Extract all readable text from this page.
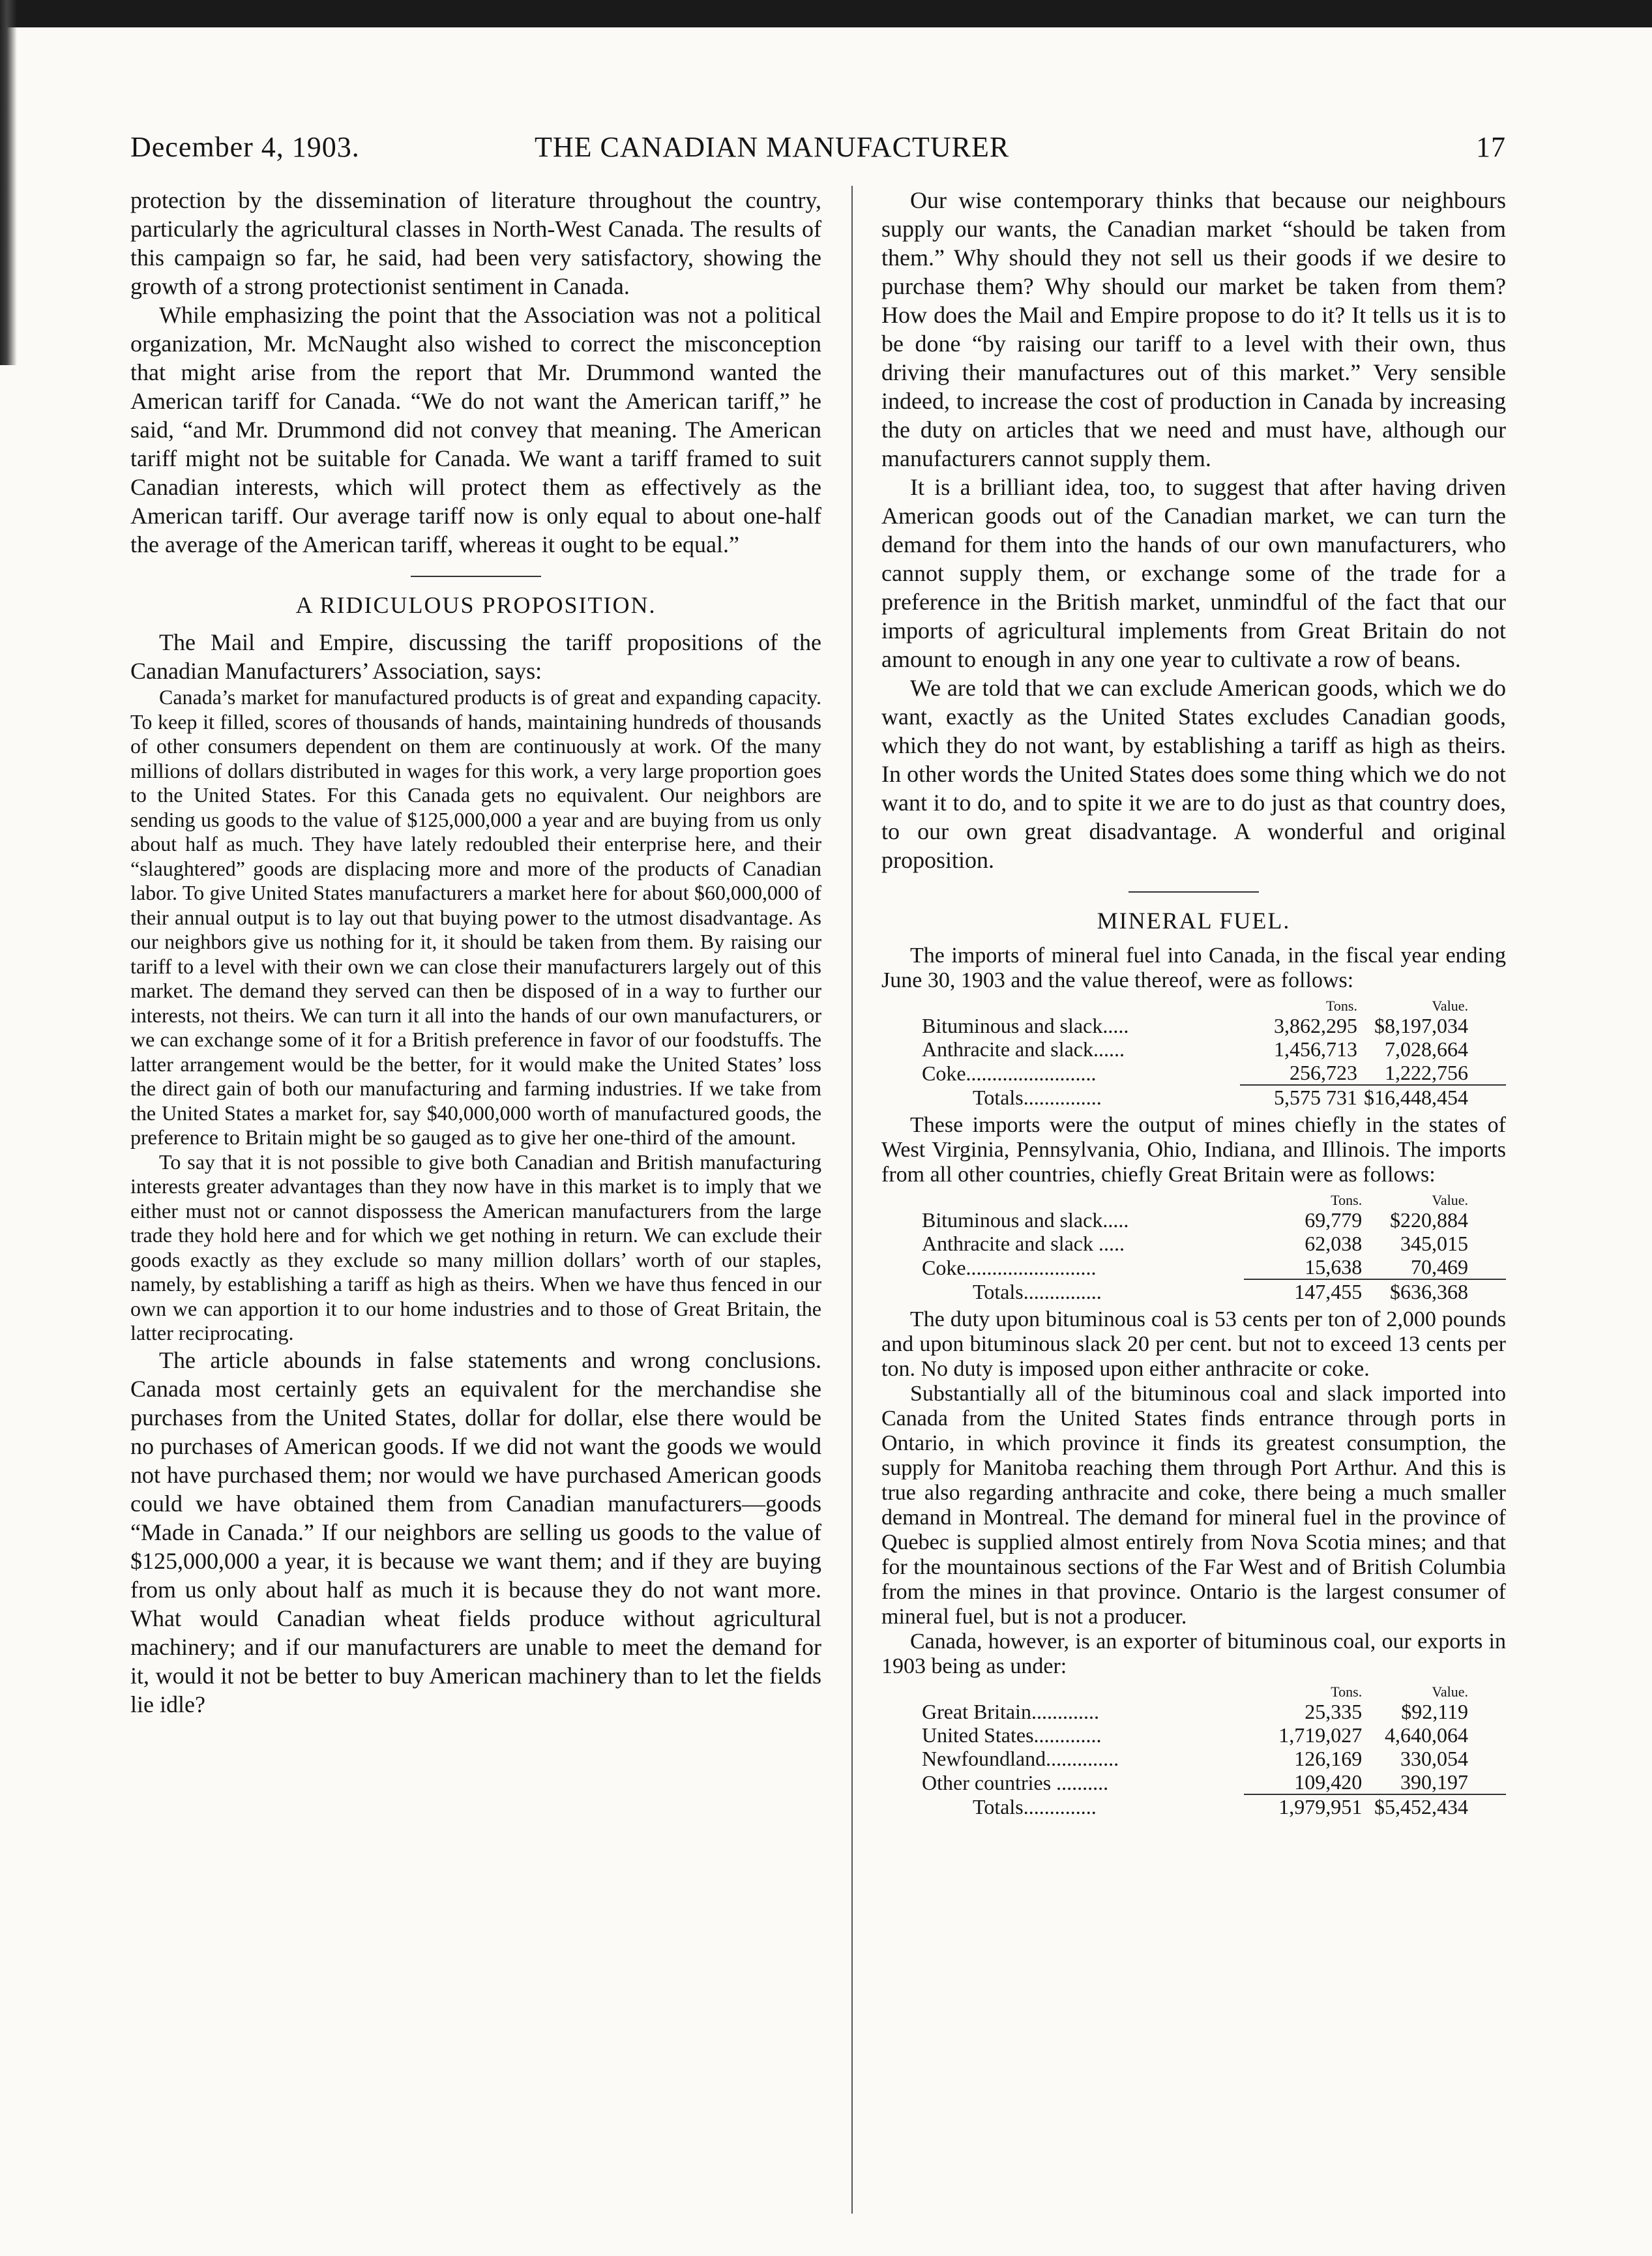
December 4, 1903.	THE CANADIAN MANUFACTURER	17

protection by the dissemination of literature throughout the country, particularly the agricultural classes in North-West Canada. The results of this campaign so far, he said, had been very satisfactory, showing the growth of a strong protectionist sentiment in Canada.

While emphasizing the point that the Association was not a political organization, Mr. McNaught also wished to correct the misconception that might arise from the report that Mr. Drummond wanted the American tariff for Canada. “We do not want the American tariff,” he said, “and Mr. Drummond did not convey that meaning. The American tariff might not be suitable for Canada. We want a tariff framed to suit Canadian interests, which will protect them as effectively as the American tariff. Our average tariff now is only equal to about one-half the average of the American tariff, whereas it ought to be equal.”

A RIDICULOUS PROPOSITION.

The Mail and Empire, discussing the tariff propositions of the Canadian Manufacturers’ Association, says:

Canada’s market for manufactured products is of great and expanding capacity. To keep it filled, scores of thousands of hands, maintaining hundreds of thousands of other consumers dependent on them are continuously at work. Of the many millions of dollars distributed in wages for this work, a very large proportion goes to the United States. For this Canada gets no equivalent. Our neighbors are sending us goods to the value of $125,000,000 a year and are buying from us only about half as much. They have lately redoubled their enterprise here, and their “slaughtered” goods are displacing more and more of the products of Canadian labor. To give United States manufacturers a market here for about $60,000,000 of their annual output is to lay out that buying power to the utmost disadvantage. As our neighbors give us nothing for it, it should be taken from them. By raising our tariff to a level with their own we can close their manufacturers largely out of this market. The demand they served can then be disposed of in a way to further our interests, not theirs. We can turn it all into the hands of our own manufacturers, or we can exchange some of it for a British preference in favor of our foodstuffs. The latter arrangement would be the better, for it would make the United States’ loss the direct gain of both our manufacturing and farming industries. If we take from the United States a market for, say $40,000,000 worth of manufactured goods, the preference to Britain might be so gauged as to give her one-third of the amount.

To say that it is not possible to give both Canadian and British manufacturing interests greater advantages than they now have in this market is to imply that we either must not or cannot dispossess the American manufacturers from the large trade they hold here and for which we get nothing in return. We can exclude their goods exactly as they exclude so many million dollars’ worth of our staples, namely, by establishing a tariff as high as theirs. When we have thus fenced in our own we can apportion it to our home industries and to those of Great Britain, the latter reciprocating.

The article abounds in false statements and wrong conclusions. Canada most certainly gets an equivalent for the merchandise she purchases from the United States, dollar for dollar, else there would be no purchases of American goods. If we did not want the goods we would not have purchased them; nor would we have purchased American goods could we have obtained them from Canadian manufacturers—goods “Made in Canada.” If our neighbors are selling us goods to the value of $125,000,000 a year, it is because we want them; and if they are buying from us only about half as much it is because they do not want more. What would Canadian wheat fields produce without agricultural machinery; and if our manufacturers are unable to meet the demand for it, would it not be better to buy American machinery than to let the fields lie idle?

Our wise contemporary thinks that because our neighbours supply our wants, the Canadian market “should be taken from them.” Why should they not sell us their goods if we desire to purchase them? Why should our market be taken from them? How does the Mail and Empire propose to do it? It tells us it is to be done “by raising our tariff to a level with their own, thus driving their manufactures out of this market.” Very sensible indeed, to increase the cost of production in Canada by increasing the duty on articles that we need and must have, although our manufacturers cannot supply them.

It is a brilliant idea, too, to suggest that after having driven American goods out of the Canadian market, we can turn the demand for them into the hands of our own manufacturers, who cannot supply them, or exchange some of the trade for a preference in the British market, unmindful of the fact that our imports of agricultural implements from Great Britain do not amount to enough in any one year to cultivate a row of beans.

We are told that we can exclude American goods, which we do want, exactly as the United States excludes Canadian goods, which they do not want, by establishing a tariff as high as theirs. In other words the United States does some thing which we do not want it to do, and to spite it we are to do just as that country does, to our own great disadvantage. A wonderful and original proposition.

MINERAL FUEL.

The imports of mineral fuel into Canada, in the fiscal year ending June 30, 1903 and the value thereof, were as follows:

	Tons.	Value.
Bituminous and slack.....	3,862,295	$8,197,034
Anthracite and slack......	1,456,713	7,028,664
Coke.........................	256,723	1,222,756
Totals...............	5,575 731	$16,448,454

These imports were the output of mines chiefly in the states of West Virginia, Pennsylvania, Ohio, Indiana, and Illinois. The imports from all other countries, chiefly Great Britain were as follows:

	Tons.	Value.
Bituminous and slack.....	69,779	$220,884
Anthracite and slack .....	62,038	345,015
Coke.........................	15,638	70,469
Totals...............	147,455	$636,368

The duty upon bituminous coal is 53 cents per ton of 2,000 pounds and upon bituminous slack 20 per cent. but not to exceed 13 cents per ton. No duty is imposed upon either anthracite or coke.

Substantially all of the bituminous coal and slack imported into Canada from the United States finds entrance through ports in Ontario, in which province it finds its greatest consumption, the supply for Manitoba reaching them through Port Arthur. And this is true also regarding anthracite and coke, there being a much smaller demand in Montreal. The demand for mineral fuel in the province of Quebec is supplied almost entirely from Nova Scotia mines; and that for the mountainous sections of the Far West and of British Columbia from the mines in that province. Ontario is the largest consumer of mineral fuel, but is not a producer.

Canada, however, is an exporter of bituminous coal, our exports in 1903 being as under:

	Tons.	Value.
Great Britain.............	25,335	$92,119
United States.............	1,719,027	4,640,064
Newfoundland..............	126,169	330,054
Other countries ..........	109,420	390,197
Totals..............	1,979,951	$5,452,434
